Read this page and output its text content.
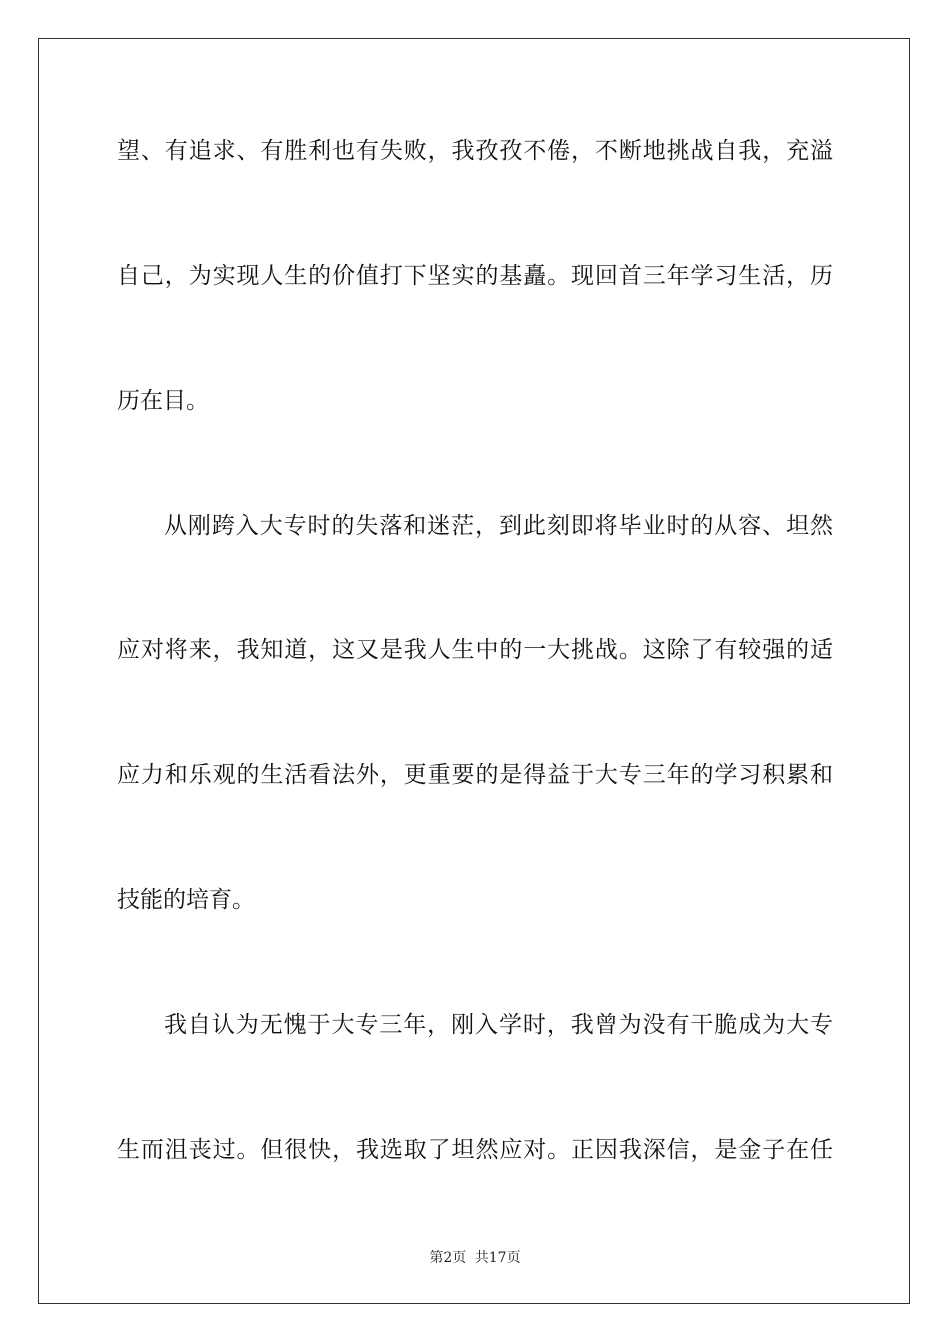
望、有追求、有胜利也有失败，我孜孜不倦，不断地挑战自我，充溢
自己，为实现人生的价值打下坚实的基矗。现回首三年学习生活，历
历在目。
从刚跨入大专时的失落和迷茫，到此刻即将毕业时的从容、坦然
应对将来，我知道，这又是我人生中的一大挑战。这除了有较强的适
应力和乐观的生活看法外，更重要的是得益于大专三年的学习积累和
技能的培育。
我自认为无愧于大专三年，刚入学时，我曾为没有干脆成为大专
生而沮丧过。但很快，我选取了坦然应对。正因我深信，是金子在任
第2页 共17页
